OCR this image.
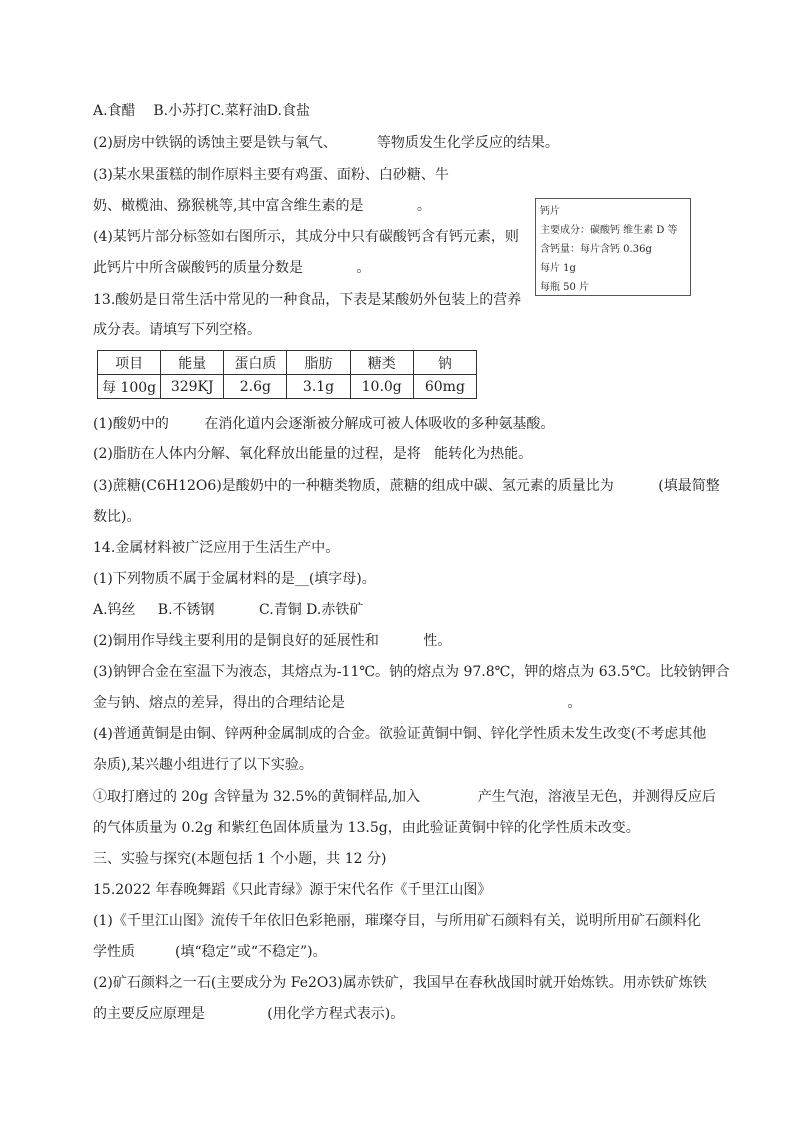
A.食醋    B.小苏打C.菜籽油D.食盐
(2)厨房中铁锅的诱蚀主要是铁与氧气、         等物质发生化学反应的结果。
(3)某水果蛋糕的制作原料主要有鸡蛋、面粉、白砂糖、牛
奶、橄榄油、猕猴桃等,其中富含维生素的是            。
(4)某钙片部分标签如右图所示，其成分中只有碳酸钙含有钙元素，则
此钙片中所含碳酸钙的质量分数是            。
钙片
主要成分：碳酸钙 维生素 D 等
含钙量：每片含钙 0.36g
每片 1g
每瓶 50 片
13.酸奶是日常生活中常见的一种食品，下表是某酸奶外包装上的营养
成分表。请填写下列空格。
项目	能量	蛋白质	脂肪	糖类	钠
每 100g	329KJ	2.6g	3.1g	10.0g	60mg
(1)酸奶中的        在消化道内会逐渐被分解成可被人体吸收的多种氨基酸。
(2)脂肪在人体内分解、氧化释放出能量的过程，是将   能转化为热能。
(3)蔗糖(C6H12O6)是酸奶中的一种糖类物质，蔗糖的组成中碳、氢元素的质量比为          (填最简整
数比)。
14.金属材料被广泛应用于生活生产中。
(1)下列物质不属于金属材料的是__(填字母)。
A.钨丝     B.不锈钢          C.青铜 D.赤铁矿
(2)铜用作导线主要利用的是铜良好的延展性和          性。
(3)钠钾合金在室温下为液态，其熔点为-11℃。钠的熔点为 97.8℃，钾的熔点为 63.5℃。比较钠钾合
金与钠、熔点的差异，得出的合理结论是                                                  。
(4)普通黄铜是由铜、锌两种金属制成的合金。欲验证黄铜中铜、锌化学性质未发生改变(不考虑其他
杂质),某兴趣小组进行了以下实验。
①取打磨过的 20g 含锌量为 32.5%的黄铜样品,加入             产生气泡，溶液呈无色，并测得反应后
的气体质量为 0.2g 和紫红色固体质量为 13.5g，由此验证黄铜中锌的化学性质未改变。
三、实验与探究(本题包括 1 个小题，共 12 分)
15.2022 年春晚舞蹈《只此青绿》源于宋代名作《千里江山图》
(1)《千里江山图》流传千年依旧色彩艳丽，璀璨夺目，与所用矿石颜料有关，说明所用矿石颜料化
学性质         (填“稳定”或“不稳定”)。
(2)矿石颜料之一石(主要成分为 Fe2O3)属赤铁矿，我国早在春秋战国时就开始炼铁。用赤铁矿炼铁
的主要反应原理是              (用化学方程式表示)。
